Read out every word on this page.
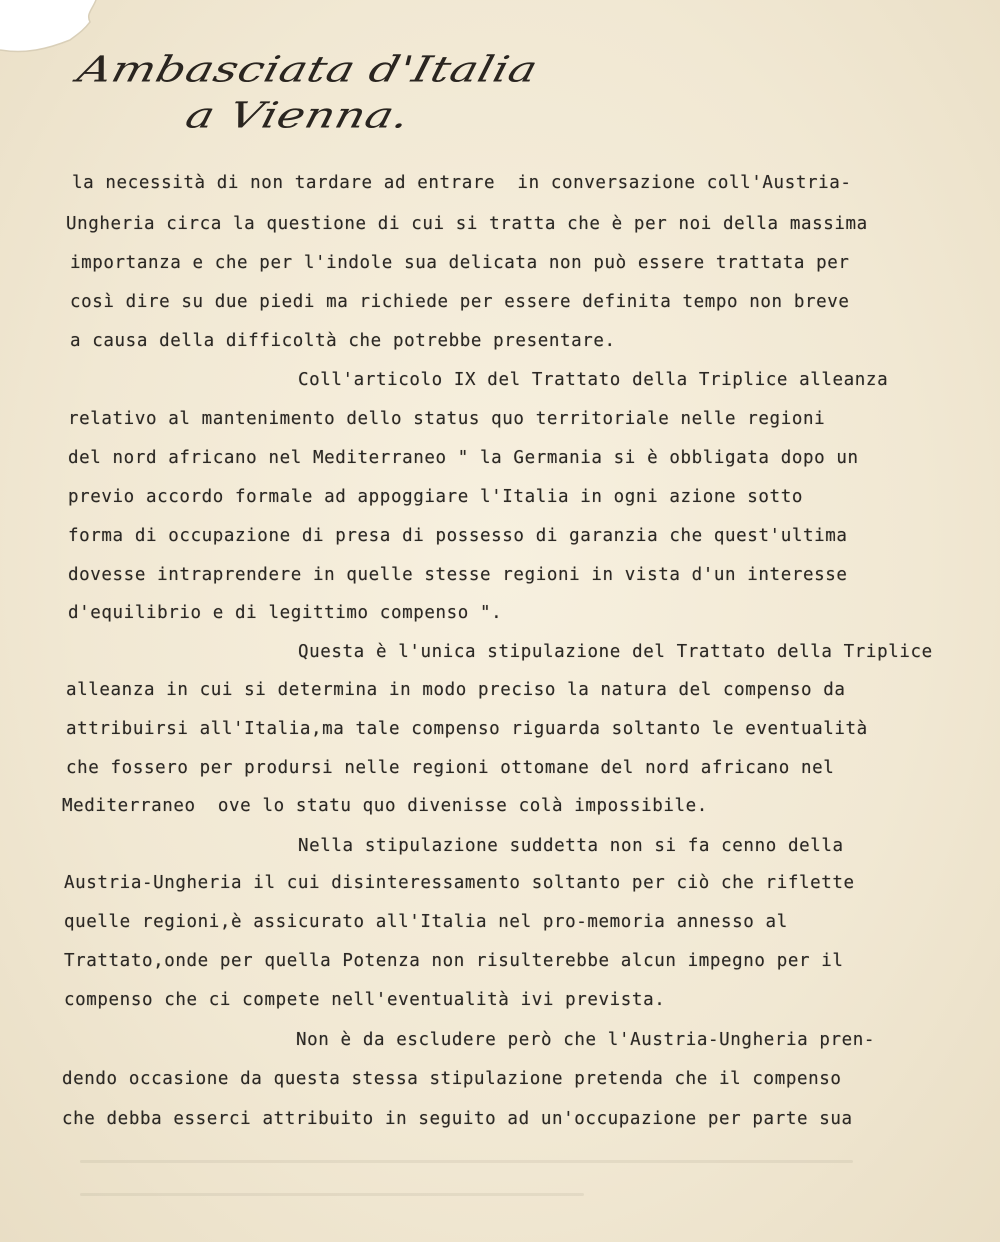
Ambasciata d'Italia
a Vienna.
la necessità di non tardare ad entrare  in conversazione coll'Austria-
Ungheria circa la questione di cui si tratta che è per noi della massima
importanza e che per l'indole sua delicata non può essere trattata per
così dire su due piedi ma richiede per essere definita tempo non breve
a causa della difficoltà che potrebbe presentare.
Coll'articolo IX del Trattato della Triplice alleanza
relativo al mantenimento dello status quo territoriale nelle regioni
del nord africano nel Mediterraneo " la Germania si è obbligata dopo un
previo accordo formale ad appoggiare l'Italia in ogni azione sotto
forma di occupazione di presa di possesso di garanzia che quest'ultima
dovesse intraprendere in quelle stesse regioni in vista d'un interesse
d'equilibrio e di legittimo compenso ".
Questa è l'unica stipulazione del Trattato della Triplice
alleanza in cui si determina in modo preciso la natura del compenso da
attribuirsi all'Italia,ma tale compenso riguarda soltanto le eventualità
che fossero per prodursi nelle regioni ottomane del nord africano nel
Mediterraneo  ove lo statu quo divenisse colà impossibile.
Nella stipulazione suddetta non si fa cenno della
Austria-Ungheria il cui disinteressamento soltanto per ciò che riflette
quelle regioni,è assicurato all'Italia nel pro-memoria annesso al
Trattato,onde per quella Potenza non risulterebbe alcun impegno per il
compenso che ci compete nell'eventualità ivi prevista.
Non è da escludere però che l'Austria-Ungheria pren-
dendo occasione da questa stessa stipulazione pretenda che il compenso
che debba esserci attribuito in seguito ad un'occupazione per parte sua
